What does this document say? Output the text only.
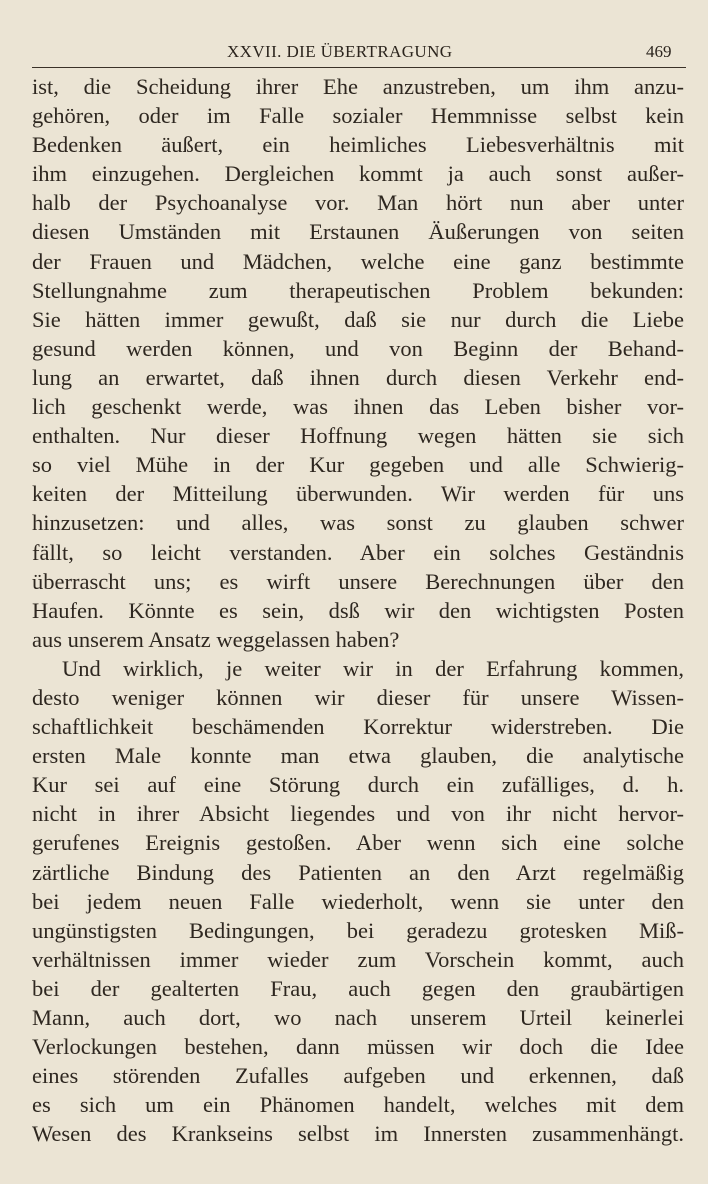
XXVII. DIE ÜBERTRAGUNG	469
ist, die Scheidung ihrer Ehe anzustreben, um ihm anzu-
gehören, oder im Falle sozialer Hemmnisse selbst kein
Bedenken äußert, ein heimliches Liebesverhältnis mit
ihm einzugehen. Dergleichen kommt ja auch sonst außer-
halb der Psychoanalyse vor. Man hört nun aber unter
diesen Umständen mit Erstaunen Äußerungen von seiten
der Frauen und Mädchen, welche eine ganz bestimmte
Stellungnahme zum therapeutischen Problem bekunden:
Sie hätten immer gewußt, daß sie nur durch die Liebe
gesund werden können, und von Beginn der Behand-
lung an erwartet, daß ihnen durch diesen Verkehr end-
lich geschenkt werde, was ihnen das Leben bisher vor-
enthalten. Nur dieser Hoffnung wegen hätten sie sich
so viel Mühe in der Kur gegeben und alle Schwierig-
keiten der Mitteilung überwunden. Wir werden für uns
hinzusetzen: und alles, was sonst zu glauben schwer
fällt, so leicht verstanden. Aber ein solches Geständnis
überrascht uns; es wirft unsere Berechnungen über den
Haufen. Könnte es sein, dsß wir den wichtigsten Posten
aus unserem Ansatz weggelassen haben?
Und wirklich, je weiter wir in der Erfahrung kommen,
desto weniger können wir dieser für unsere Wissen-
schaftlichkeit beschämenden Korrektur widerstreben. Die
ersten Male konnte man etwa glauben, die analytische
Kur sei auf eine Störung durch ein zufälliges, d. h.
nicht in ihrer Absicht liegendes und von ihr nicht hervor-
gerufenes Ereignis gestoßen. Aber wenn sich eine solche
zärtliche Bindung des Patienten an den Arzt regelmäßig
bei jedem neuen Falle wiederholt, wenn sie unter den
ungünstigsten Bedingungen, bei geradezu grotesken Miß-
verhältnissen immer wieder zum Vorschein kommt, auch
bei der gealterten Frau, auch gegen den graubärtigen
Mann, auch dort, wo nach unserem Urteil keinerlei
Verlockungen bestehen, dann müssen wir doch die Idee
eines störenden Zufalles aufgeben und erkennen, daß
es sich um ein Phänomen handelt, welches mit dem
Wesen des Krankseins selbst im Innersten zusammenhängt.
